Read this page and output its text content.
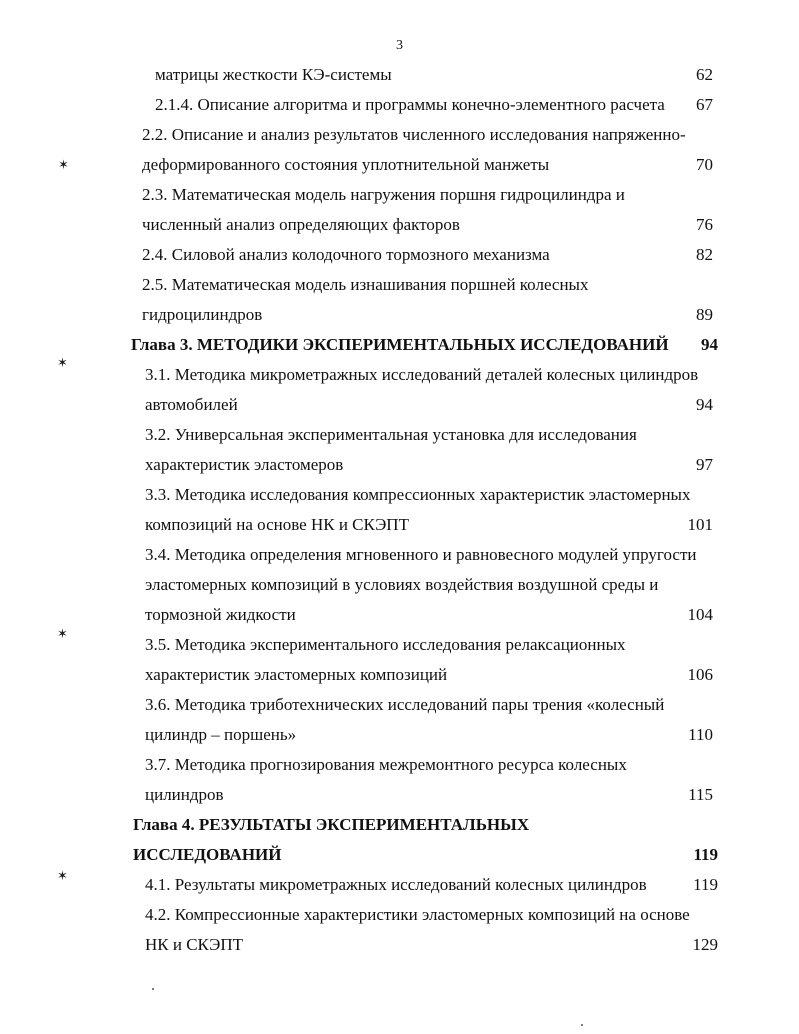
3
матрицы жесткости КЭ-системы	62
2.1.4. Описание алгоритма и программы конечно-элементного расчета 67
2.2. Описание и анализ результатов численного исследования напряженно-
деформированного состояния уплотнительной манжеты	70
2.3. Математическая модель нагружения поршня гидроцилиндра и
численный анализ определяющих факторов	76
2.4. Силовой анализ колодочного тормозного механизма	82
2.5. Математическая модель изнашивания поршней колесных
гидроцилиндров	89
Глава 3. МЕТОДИКИ ЭКСПЕРИМЕНТАЛЬНЫХ ИССЛЕДОВАНИЙ 94
3.1. Методика микрометражных исследований деталей колесных цилиндров
автомобилей	94
3.2. Универсальная экспериментальная установка для исследования
характеристик эластомеров	97
3.3. Методика исследования компрессионных характеристик эластомерных
композиций на основе НК и СКЭПТ	101
3.4. Методика определения мгновенного и равновесного модулей упругости
эластомерных композиций в условиях воздействия воздушной среды и
тормозной жидкости	104
3.5. Методика экспериментального исследования релаксационных
характеристик эластомерных композиций	106
3.6. Методика триботехнических исследований пары трения «колесный
цилиндр – поршень»	110
3.7. Методика прогнозирования межремонтного ресурса колесных
цилиндров	115
Глава 4. РЕЗУЛЬТАТЫ ЭКСПЕРИМЕНТАЛЬНЫХ
ИССЛЕДОВАНИЙ	119
4.1. Результаты микрометражных исследований колесных цилиндров	119
4.2. Компрессионные характеристики эластомерных композиций на основе
НК и СКЭПТ	129
✶
✶
✶
✶
